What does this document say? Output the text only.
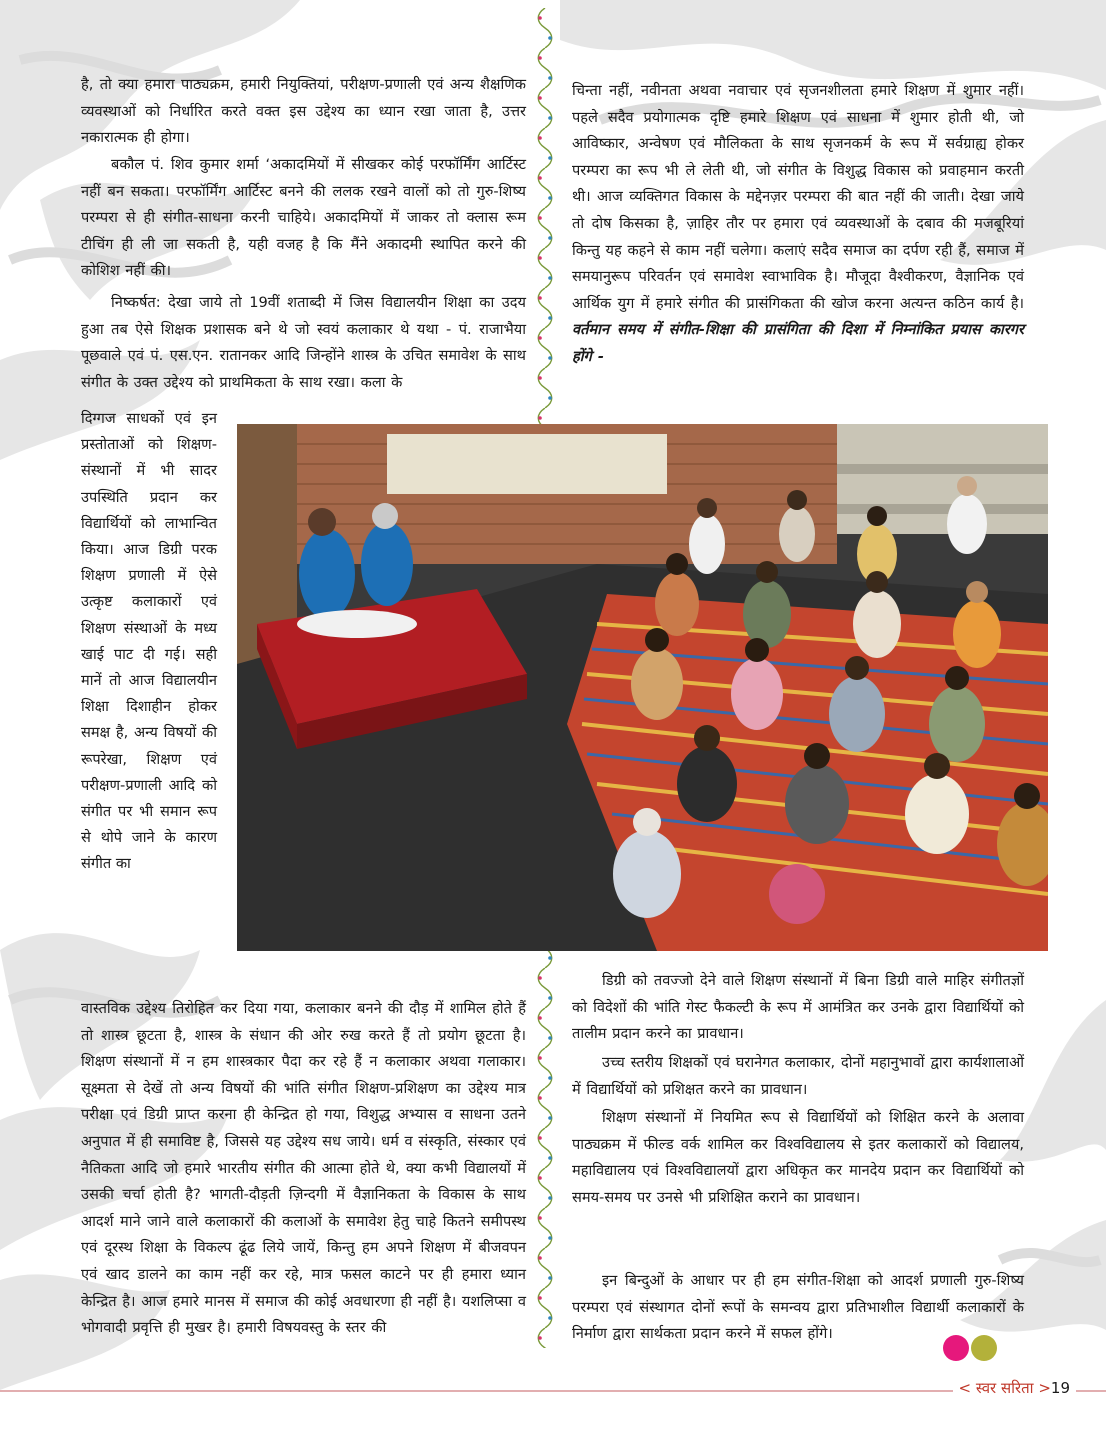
है, तो क्या हमारा पाठ्यक्रम, हमारी नियुक्तियां, परीक्षण-प्रणाली एवं अन्य शैक्षणिक व्यवस्थाओं को निर्धारित करते वक्त इस उद्देश्य का ध्यान रखा जाता है, उत्तर नकारात्मक ही होगा।

बकौल पं. शिव कुमार शर्मा ‘अकादमियों में सीखकर कोई परफॉर्मिंग आर्टिस्ट नहीं बन सकता। परफॉर्मिंग आर्टिस्ट बनने की ललक रखने वालों को तो गुरु-शिष्य परम्परा से ही संगीत-साधना करनी चाहिये। अकादमियों में जाकर तो क्लास रूम टीचिंग ही ली जा सकती है, यही वजह है कि मैंने अकादमी स्थापित करने की कोशिश नहीं की।

निष्कर्षत: देखा जाये तो 19वीं शताब्दी में जिस विद्यालयीन शिक्षा का उदय हुआ तब ऐसे शिक्षक प्रशासक बने थे जो स्वयं कलाकार थे यथा - पं. राजाभैया पूछवाले एवं पं. एस.एन. रातानकर आदि जिन्होंने शास्त्र के उचित समावेश के साथ संगीत के उक्त उद्देश्य को प्राथमिकता के साथ रखा। कला के

दिग्गज साधकों एवं इन प्रस्तोताओं को शिक्षण-संस्थानों में भी सादर उपस्थिति प्रदान कर विद्यार्थियों को लाभान्वित किया। आज डिग्री परक शिक्षण प्रणाली में ऐसे उत्कृष्ट कलाकारों एवं शिक्षण संस्थाओं के मध्य खाई पाट दी गई। सही मानें तो आज विद्यालयीन शिक्षा दिशाहीन होकर समक्ष है, अन्य विषयों की रूपरेखा, शिक्षण एवं परीक्षण-प्रणाली आदि को संगीत पर भी समान रूप से थोपे जाने के कारण संगीत का

वास्तविक उद्देश्य तिरोहित कर दिया गया, कलाकार बनने की दौड़ में शामिल होते हैं तो शास्त्र छूटता है, शास्त्र के संधान की ओर रुख करते हैं तो प्रयोग छूटता है। शिक्षण संस्थानों में न हम शास्त्रकार पैदा कर रहे हैं न कलाकार अथवा गलाकार। सूक्ष्मता से देखें तो अन्य विषयों की भांति संगीत शिक्षण-प्रशिक्षण का उद्देश्य मात्र परीक्षा एवं डिग्री प्राप्त करना ही केन्द्रित हो गया, विशुद्ध अभ्यास व साधना उतने अनुपात में ही समाविष्ट है, जिससे यह उद्देश्य सध जाये। धर्म व संस्कृति, संस्कार एवं नैतिकता आदि जो हमारे भारतीय संगीत की आत्मा होते थे, क्या कभी विद्यालयों में उसकी चर्चा होती है? भागती-दौड़ती ज़िन्दगी में वैज्ञानिकता के विकास के साथ आदर्श माने जाने वाले कलाकारों की कलाओं के समावेश हेतु चाहे कितने समीपस्थ एवं दूरस्थ शिक्षा के विकल्प ढूंढ लिये जायें, किन्तु हम अपने शिक्षण में बीजवपन एवं खाद डालने का काम नहीं कर रहे, मात्र फसल काटने पर ही हमारा ध्यान केन्द्रित है। आज हमारे मानस में समाज की कोई अवधारणा ही नहीं है। यशलिप्सा व भोगवादी प्रवृत्ति ही मुखर है। हमारी विषयवस्तु के स्तर की

चिन्ता नहीं, नवीनता अथवा नवाचार एवं सृजनशीलता हमारे शिक्षण में शुमार नहीं। पहले सदैव प्रयोगात्मक दृष्टि हमारे शिक्षण एवं साधना में शुमार होती थी, जो आविष्कार, अन्वेषण एवं मौलिकता के साथ सृजनकर्म के रूप में सर्वग्राह्य होकर परम्परा का रूप भी ले लेती थी, जो संगीत के विशुद्ध विकास को प्रवाहमान करती थी। आज व्यक्तिगत विकास के मद्देनज़र परम्परा की बात नहीं की जाती। देखा जाये तो दोष किसका है, ज़ाहिर तौर पर हमारा एवं व्यवस्थाओं के दबाव की मजबूरियां किन्तु यह कहने से काम नहीं चलेगा। कलाएं सदैव समाज का दर्पण रही हैं, समाज में समयानुरूप परिवर्तन एवं समावेश स्वाभाविक है। मौजूदा वैश्वीकरण, वैज्ञानिक एवं आर्थिक युग में हमारे संगीत की प्रासंगिकता की खोज करना अत्यन्त कठिन कार्य है। वर्तमान समय में संगीत-शिक्षा की प्रासंगिता की दिशा में निम्नांकित प्रयास कारगर होंगे -

डिग्री को तवज्जो देने वाले शिक्षण संस्थानों में बिना डिग्री वाले माहिर संगीतज्ञों को विदेशों की भांति गेस्ट फैकल्टी के रूप में आमंत्रित कर उनके द्वारा विद्यार्थियों को तालीम प्रदान करने का प्रावधान।

उच्च स्तरीय शिक्षकों एवं घरानेगत कलाकार, दोनों महानुभावों द्वारा कार्यशालाओं में विद्यार्थियों को प्रशिक्षत करने का प्रावधान।

शिक्षण संस्थानों में नियमित रूप से विद्यार्थियों को शिक्षित करने के अलावा पाठ्यक्रम में फील्ड वर्क शामिल कर विश्वविद्यालय से इतर कलाकारों को विद्यालय, महाविद्यालय एवं विश्वविद्यालयों द्वारा अधिकृत कर मानदेय प्रदान कर विद्यार्थियों को समय-समय पर उनसे भी प्रशिक्षित कराने का प्रावधान।

इन बिन्दुओं के आधार पर ही हम संगीत-शिक्षा को आदर्श प्रणाली गुरु-शिष्य परम्परा एवं संस्थागत दोनों रूपों के समन्वय द्वारा प्रतिभाशील विद्यार्थी कलाकारों के निर्माण द्वारा सार्थकता प्रदान करने में सफल होंगे।

< स्वर सरिता >19
